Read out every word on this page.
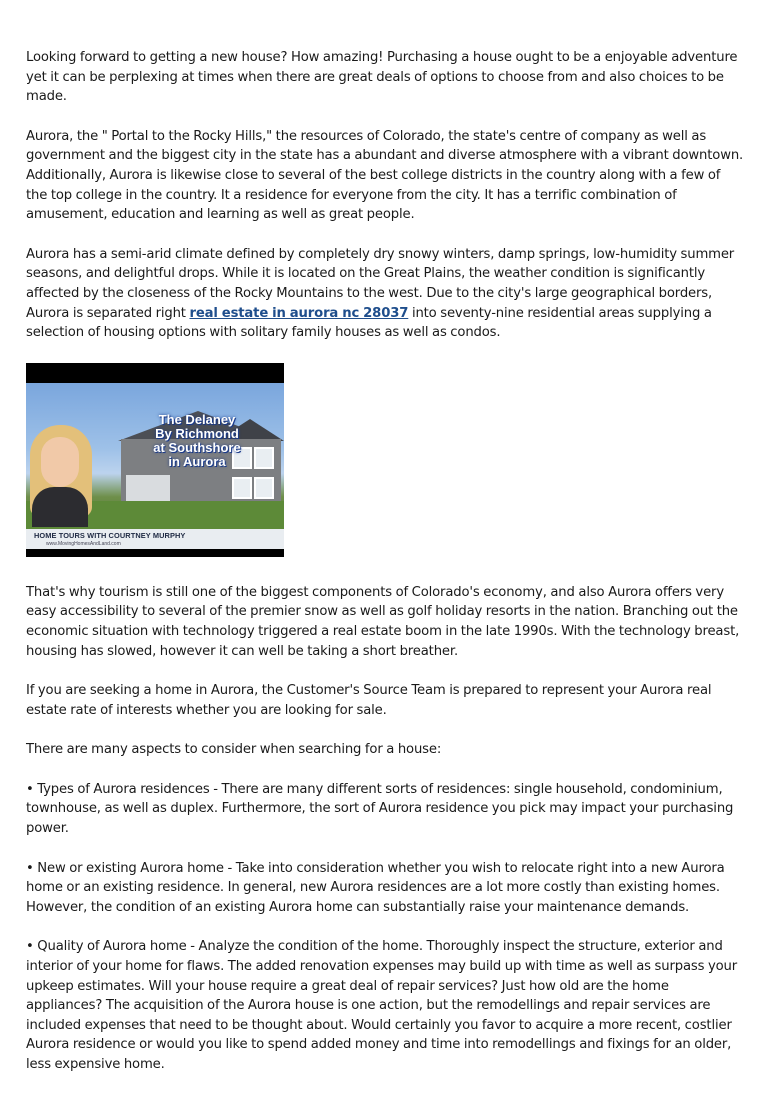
Looking forward to getting a new house? How amazing! Purchasing a house ought to be a enjoyable adventure yet it can be perplexing at times when there are great deals of options to choose from and also choices to be made.

Aurora, the " Portal to the Rocky Hills," the resources of Colorado, the state's centre of company as well as government and the biggest city in the state has a abundant and diverse atmosphere with a vibrant downtown. Additionally, Aurora is likewise close to several of the best college districts in the country along with a few of the top college in the country. It a residence for everyone from the city. It has a terrific combination of amusement, education and learning as well as great people.

Aurora has a semi-arid climate defined by completely dry snowy winters, damp springs, low-humidity summer seasons, and delightful drops. While it is located on the Great Plains, the weather condition is significantly affected by the closeness of the Rocky Mountains to the west. Due to the city's large geographical borders, Aurora is separated right real estate in aurora nc 28037 into seventy-nine residential areas supplying a selection of housing options with solitary family houses as well as condos.

The Delaney
By Richmond
at Southshore
in Aurora
HOME TOURS WITH COURTNEY MURPHY
www.MovingHomesAndLand.com

That's why tourism is still one of the biggest components of Colorado's economy, and also Aurora offers very easy accessibility to several of the premier snow as well as golf holiday resorts in the nation. Branching out the economic situation with technology triggered a real estate boom in the late 1990s. With the technology breast, housing has slowed, however it can well be taking a short breather.

If you are seeking a home in Aurora, the Customer's Source Team is prepared to represent your Aurora real estate rate of interests whether you are looking for sale.

There are many aspects to consider when searching for a house:

• Types of Aurora residences - There are many different sorts of residences: single household, condominium, townhouse, as well as duplex. Furthermore, the sort of Aurora residence you pick may impact your purchasing power.

• New or existing Aurora home - Take into consideration whether you wish to relocate right into a new Aurora home or an existing residence. In general, new Aurora residences are a lot more costly than existing homes. However, the condition of an existing Aurora home can substantially raise your maintenance demands.

• Quality of Aurora home - Analyze the condition of the home. Thoroughly inspect the structure, exterior and interior of your home for flaws. The added renovation expenses may build up with time as well as surpass your upkeep estimates. Will your house require a great deal of repair services? Just how old are the home appliances? The acquisition of the Aurora house is one action, but the remodellings and repair services are included expenses that need to be thought about. Would certainly you favor to acquire a more recent, costlier Aurora residence or would you like to spend added money and time into remodellings and fixings for an older, less expensive home.
